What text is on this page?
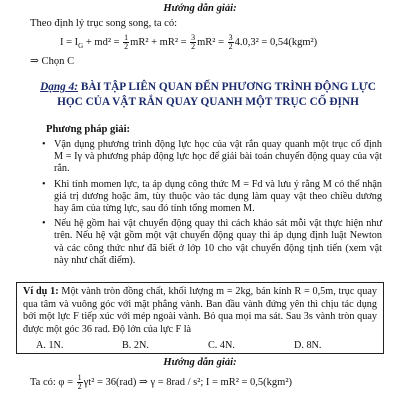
Hướng dẫn giải:
Theo định lý trục song song, ta có:
$I = I_G + md^2 = \frac{1}{2} mR^2 + mR^2 = \frac{3}{2} mR^2 = \frac{3}{2} 4.0,3^2 = 0,54(kgm^2)$
⇒ Chọn C
Dạng 4: BÀI TẬP LIÊN QUAN ĐẾN PHƯƠNG TRÌNH ĐỘNG LỰC
HỌC CỦA VẬT RẮN QUAY QUANH MỘT TRỤC CỐ ĐỊNH
Phương pháp giải:
• Vận dụng phương trình động lực học của vật rắn quay quanh một trục cố định M = Iγ và phương pháp động lực học để giải bài toán chuyển động quay của vật rắn.
• Khi tính momen lực, ta áp dụng công thức M = Fd và lưu ý rằng M có thể nhận giá trị dương hoặc âm, tùy thuộc vào tác dụng làm quay vật theo chiều dương hay âm của từng lực, sau đó tính tổng momen M.
• Nếu hệ gồm hai vật chuyển động quay thì cách khảo sát mỗi vật thực hiện như trên. Nếu hệ vật gồm một vật chuyển động quay thì áp dụng định luật Newton và các công thức như đã biết ở lớp 10 cho vật chuyển động tịnh tiến (xem vật này như chất điểm).
Ví dụ 1: Một vành tròn đồng chất, khối lượng m = 2kg, bán kính R = 0,5m, trục quay qua tâm và vuông góc với mặt phẳng vành. Ban đầu vành đứng yên thì chịu tác dụng bởi một lực F tiếp xúc với mép ngoài vành. Bỏ qua mọi ma sát. Sau 3s vành tròn quay được một góc 36 rad. Độ lớn của lực F là
A. 1N.	B. 2N.	C. 4N.	D. 8N.
Hướng dẫn giải:
Ta có: $\varphi = \frac{1}{2} \gamma t^2 = 36(rad)$ ⇒ γ = 8rad / s²; I = mR² = 0,5(kgm²)
